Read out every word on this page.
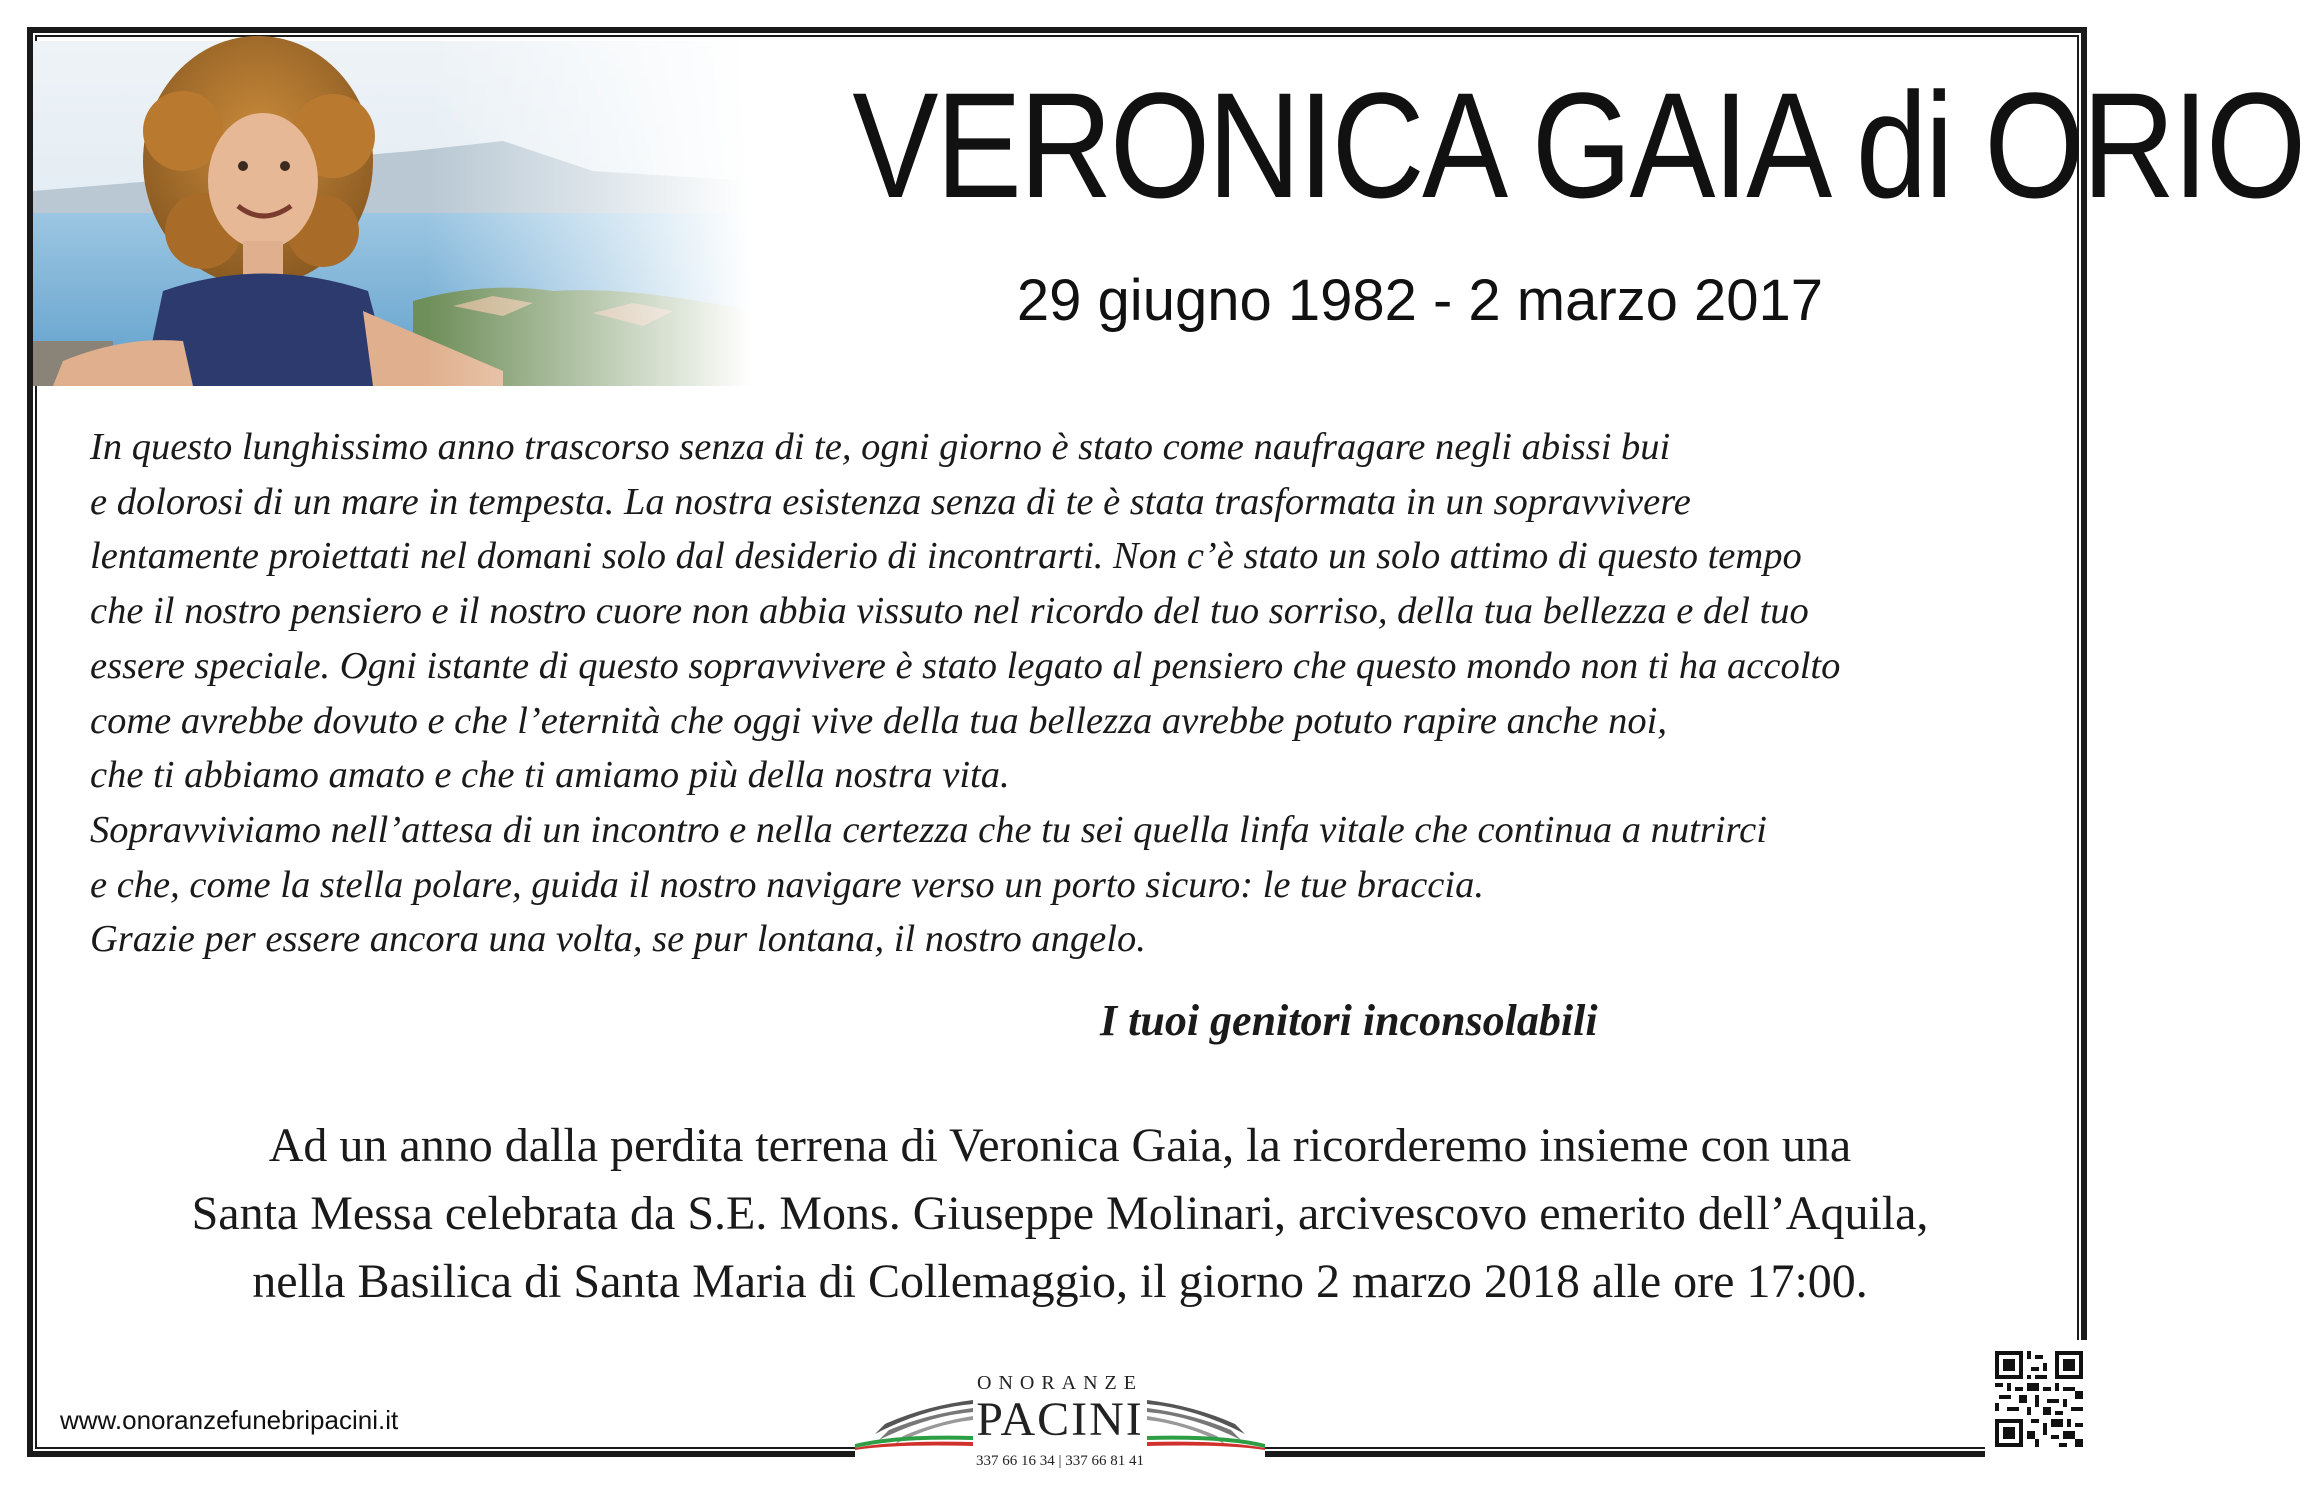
VERONICA GAIA di ORIO
29 giugno 1982 - 2 marzo 2017
In questo lunghissimo anno trascorso senza di te, ogni giorno è stato come naufragare negli abissi bui
e dolorosi di un mare in tempesta. La nostra esistenza senza di te è stata trasformata in un sopravvivere
lentamente proiettati nel domani solo dal desiderio di incontrarti. Non c’è stato un solo attimo di questo tempo
che il nostro pensiero e il nostro cuore non abbia vissuto nel ricordo del tuo sorriso, della tua bellezza e del tuo
essere speciale. Ogni istante di questo sopravvivere è stato legato al pensiero che questo mondo non ti ha accolto
come avrebbe dovuto e che l’eternità che oggi vive della tua bellezza avrebbe potuto rapire anche noi,
che ti abbiamo amato e che ti amiamo più della nostra vita.
Sopravviviamo nell’attesa di un incontro e nella certezza che tu sei quella linfa vitale che continua a nutrirci
e che, come la stella polare, guida il nostro navigare verso un porto sicuro: le tue braccia.
Grazie per essere ancora una volta, se pur lontana, il nostro angelo.
I tuoi genitori inconsolabili
Ad un anno dalla perdita terrena di Veronica Gaia, la ricorderemo insieme con una
Santa Messa celebrata da S.E. Mons. Giuseppe Molinari, arcivescovo emerito dell’Aquila,
nella Basilica di Santa Maria di Collemaggio, il giorno 2 marzo 2018 alle ore 17:00.
www.onoranzefunebripacini.it
ONORANZE
PACINI
337 66 16 34 | 337 66 81 41
